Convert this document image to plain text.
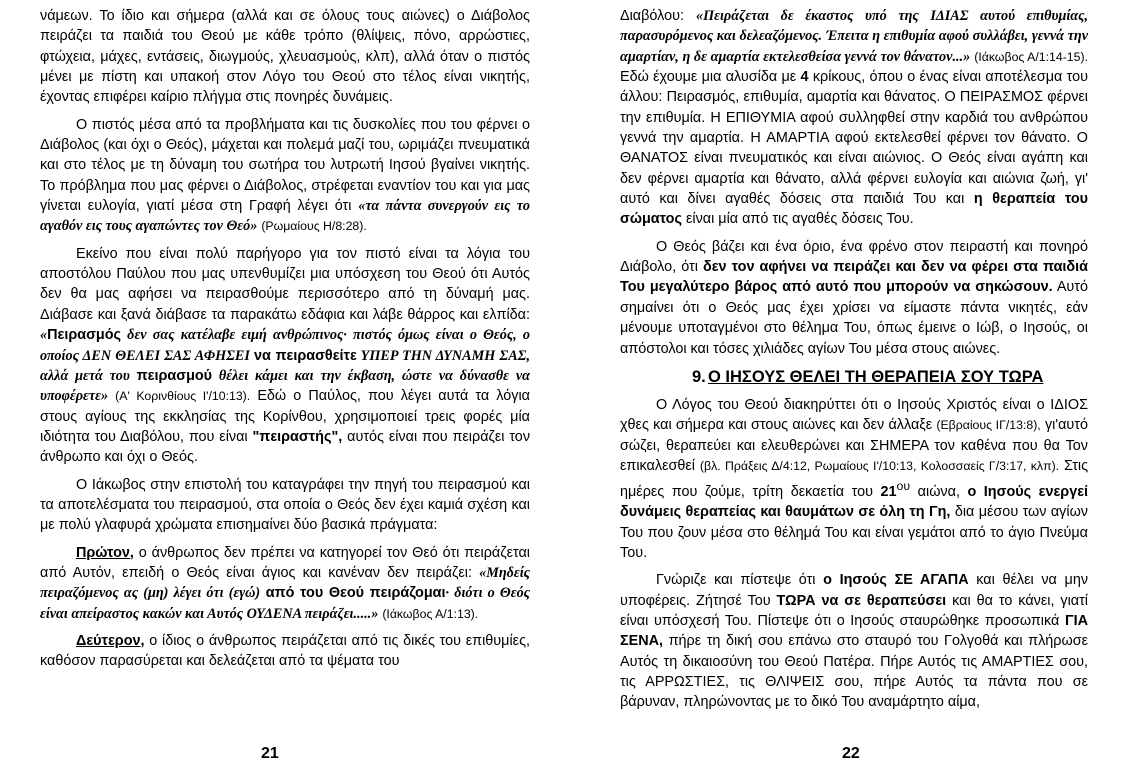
νάμεων. Το ίδιο και σήμερα (αλλά και σε όλους τους αιώνες) ο Διάβολος πειράζει τα παιδιά του Θεού με κάθε τρόπο (θλίψεις, πόνο, αρρώστιες, φτώχεια, μάχες, εντάσεις, διωγμούς, χλευασμούς, κλπ), αλλά όταν ο πιστός μένει με πίστη και υπακοή στον Λόγο του Θεού στο τέλος είναι νικητής, έχοντας επιφέρει καίριο πλήγμα στις πονηρές δυνάμεις.

Ο πιστός μέσα από τα προβλήματα και τις δυσκολίες που του φέρνει ο Διάβολος (και όχι ο Θεός), μάχεται και πολεμά μαζί του, ωριμάζει πνευματικά και στο τέλος με τη δύναμη του σωτήρα του λυτρωτή Ιησού βγαίνει νικητής. Το πρόβλημα που μας φέρνει ο Διάβολος, στρέφεται εναντίον του και για μας γίνεται ευλογία, γιατί μέσα στη Γραφή λέγει ότι «τα πάντα συνεργούν εις το αγαθόν εις τους αγαπώντες τον Θεό» (Ρωμαίους Η/8:28).

Εκείνο που είναι πολύ παρήγορο για τον πιστό είναι τα λόγια του αποστόλου Παύλου που μας υπενθυμίζει μια υπόσχεση του Θεού ότι Αυτός δεν θα μας αφήσει να πειρασθούμε περισσότερο από τη δύναμή μας. Διάβασε και ξανά διάβασε τα παρακάτω εδάφια και λάβε θάρρος και ελπίδα: «Πειρασμός δεν σας κατέλαβε ειμή ανθρώπινος· πιστός όμως είναι ο Θεός, ο οποίος ΔΕΝ ΘΕΛΕΙ ΣΑΣ ΑΦΗΣΕΙ να πειρασθείτε ΥΠΕΡ ΤΗΝ ΔΥΝΑΜΗ ΣΑΣ, αλλά μετά του πειρασμού θέλει κάμει και την έκβαση, ώστε να δύνασθε να υποφέρετε» (Α' Κορινθίους Ι'/10:13). Εδώ ο Παύλος, που λέγει αυτά τα λόγια στους αγίους της εκκλησίας της Κορίνθου, χρησιμοποιεί τρεις φορές μία ιδιότητα του Διαβόλου, που είναι "πειραστής", αυτός είναι που πειράζει τον άνθρωπο και όχι ο Θεός.

Ο Ιάκωβος στην επιστολή του καταγράφει την πηγή του πειρασμού και τα αποτελέσματα του πειρασμού, στα οποία ο Θεός δεν έχει καμιά σχέση και με πολύ γλαφυρά χρώματα επισημαίνει δύο βασικά πράγματα:

Πρώτον, ο άνθρωπος δεν πρέπει να κατηγορεί τον Θεό ότι πειράζεται από Αυτόν, επειδή ο Θεός είναι άγιος και κανέναν δεν πειράζει: «Μηδείς πειραζόμενος ας (μη) λέγει ότι (εγώ) από του Θεού πειράζομαι· διότι ο Θεός είναι απείραστος κακών και Αυτός ΟΥΔΕΝΑ πειράζει.....» (Ιάκωβος Α/1:13).

Δεύτερον, ο ίδιος ο άνθρωπος πειράζεται από τις δικές του επιθυμίες, καθόσον παρασύρεται και δελεάζεται από τα ψέματα του

21

Διαβόλου: «Πειράζεται δε έκαστος υπό της ΙΔΙΑΣ αυτού επιθυμίας, παρασυρόμενος και δελεαζόμενος. Έπειτα η επιθυμία αφού συλλάβει, γεννά την αμαρτίαν, η δε αμαρτία εκτελεσθείσα γεννά τον θάνατον...» (Ιάκωβος Α/1:14-15). Εδώ έχουμε μια αλυσίδα με 4 κρίκους, όπου ο ένας είναι αποτέλεσμα του άλλου: Πειρασμός, επιθυμία, αμαρτία και θάνατος. Ο ΠΕΙΡΑΣΜΟΣ φέρνει την επιθυμία. Η ΕΠΙΘΥΜΙΑ αφού συλληφθεί στην καρδιά του ανθρώπου γεννά την αμαρτία. Η ΑΜΑΡΤΙΑ αφού εκτελεσθεί φέρνει τον θάνατο. Ο ΘΑΝΑΤΟΣ είναι πνευματικός και είναι αιώνιος. Ο Θεός είναι αγάπη και δεν φέρνει αμαρτία και θάνατο, αλλά φέρνει ευλογία και αιώνια ζωή, γι' αυτό και δίνει αγαθές δόσεις στα παιδιά Του και η θεραπεία του σώματος είναι μία από τις αγαθές δόσεις Του.

Ο Θεός βάζει και ένα όριο, ένα φρένο στον πειραστή και πονηρό Διάβολο, ότι δεν τον αφήνει να πειράζει και δεν να φέρει στα παιδιά Του μεγαλύτερο βάρος από αυτό που μπορούν να σηκώσουν. Αυτό σημαίνει ότι ο Θεός μας έχει χρίσει να είμαστε πάντα νικητές, εάν μένουμε υποταγμένοι στο θέλημα Του, όπως έμεινε ο Ιώβ, ο Ιησούς, οι απόστολοι και τόσες χιλιάδες αγίων Του μέσα στους αιώνες.

9. Ο ΙΗΣΟΥΣ ΘΕΛΕΙ ΤΗ ΘΕΡΑΠΕΙΑ ΣΟΥ ΤΩΡΑ

Ο Λόγος του Θεού διακηρύττει ότι ο Ιησούς Χριστός είναι ο ΙΔΙΟΣ χθες και σήμερα και στους αιώνες και δεν άλλαξε (Εβραίους ΙΓ/13:8), γι'αυτό σώζει, θεραπεύει και ελευθερώνει και ΣΗΜΕΡΑ τον καθένα που θα Τον επικαλεσθεί (βλ. Πράξεις Δ/4:12, Ρωμαίους Ι'/10:13, Κολοσσαείς Γ/3:17, κλπ). Στις ημέρες που ζούμε, τρίτη δεκαετία του 21$^{o\upsilon}$ αιώνα, ο Ιησούς ενεργεί δυνάμεις θεραπείας και θαυμάτων σε όλη τη Γη, δια μέσου των αγίων Του που ζουν μέσα στο θέλημά Του και είναι γεμάτοι από το άγιο Πνεύμα Του.

Γνώριζε και πίστεψε ότι ο Ιησούς ΣΕ ΑΓΑΠΑ και θέλει να μην υποφέρεις. Ζήτησέ Του ΤΩΡΑ να σε θεραπεύσει και θα το κάνει, γιατί είναι υπόσχεσή Του. Πίστεψε ότι ο Ιησούς σταυρώθηκε προσωπικά ΓΙΑ ΣΕΝΑ, πήρε τη δική σου επάνω στο σταυρό του Γολγοθά και πλήρωσε Αυτός τη δικαιοσύνη του Θεού Πατέρα. Πήρε Αυτός τις ΑΜΑΡΤΙΕΣ σου, τις ΑΡΡΩΣΤΙΕΣ, τις ΘΛΙΨΕΙΣ σου, πήρε Αυτός τα πάντα που σε βάρυναν, πληρώνοντας με το δικό Του αναμάρτητο αίμα,

22
